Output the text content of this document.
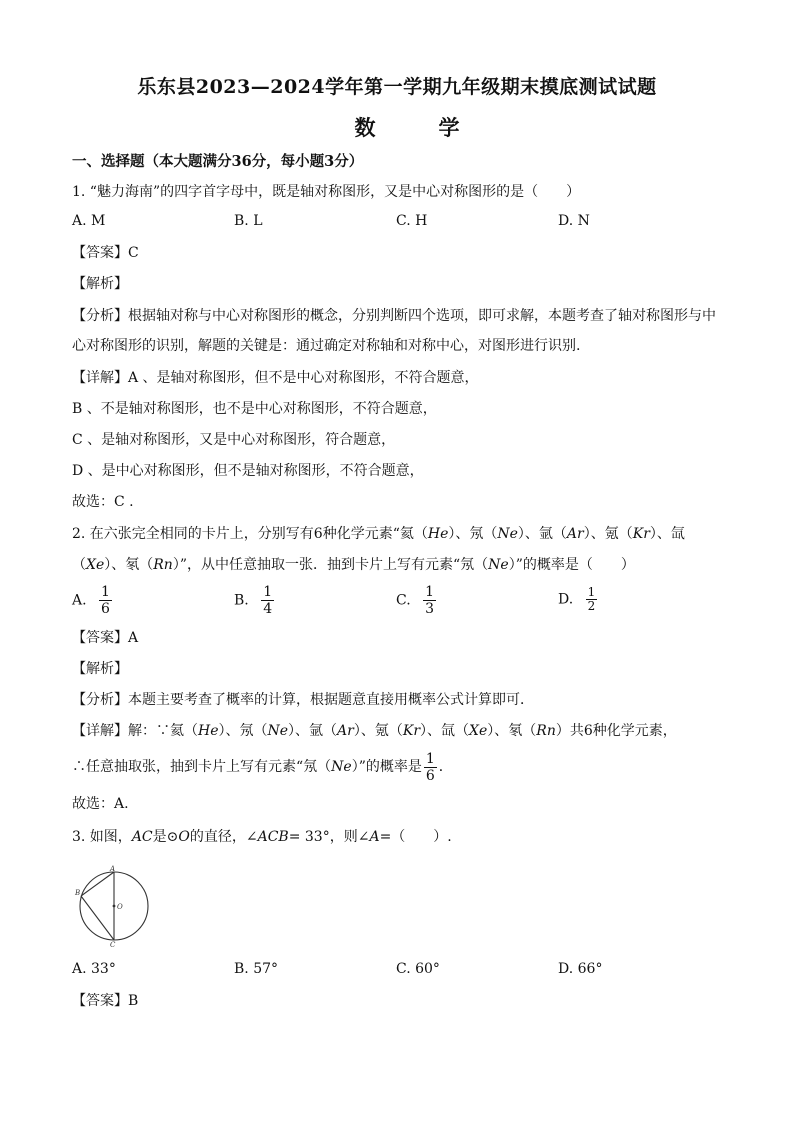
乐东县2023—2024学年第一学期九年级期末摸底测试试题
数　　　学
一、选择题（本大题满分36分，每小题3分）
1. “魅力海南”的四字首字母中，既是轴对称图形，又是中心对称图形的是（　　）
A. M	B. L	C. H	D. N
【答案】C
【解析】
【分析】根据轴对称与中心对称图形的概念，分别判断四个选项，即可求解，本题考查了轴对称图形与中
心对称图形的识别，解题的关键是：通过确定对称轴和对称中心，对图形进行识别.
【详解】A 、是轴对称图形，但不是中心对称图形，不符合题意，
B 、不是轴对称图形，也不是中心对称图形，不符合题意，
C 、是轴对称图形，又是中心对称图形，符合题意，
D 、是中心对称图形，但不是轴对称图形，不符合题意，
故选：C .
2. 在六张完全相同的卡片上，分别写有6种化学元素“氦（He）、氖（Ne）、氩（Ar）、氪（Kr）、氙
（Xe）、氡（Rn）”，从中任意抽取一张．抽到卡片上写有元素“氖（Ne）”的概率是（　　）
A. $\frac{1}{6}$	B. $\frac{1}{4}$	C. $\frac{1}{3}$	D. $\frac{1}{2}$
【答案】A
【解析】
【分析】本题主要考查了概率的计算，根据题意直接用概率公式计算即可．
【详解】解：∵氦（He）、氖（Ne）、氩（Ar）、氪（Kr）、氙（Xe）、氡（Rn）共6种化学元素，
∴任意抽取张，抽到卡片上写有元素“氖（Ne）”的概率是 $\frac{1}{6}$ ．
故选：A.
3. 如图，AC是⊙O的直径，∠ACB= 33°，则∠A=（　　）.
A
B
O
C
A. 33°	B. 57°	C. 60°	D. 66°
【答案】B
